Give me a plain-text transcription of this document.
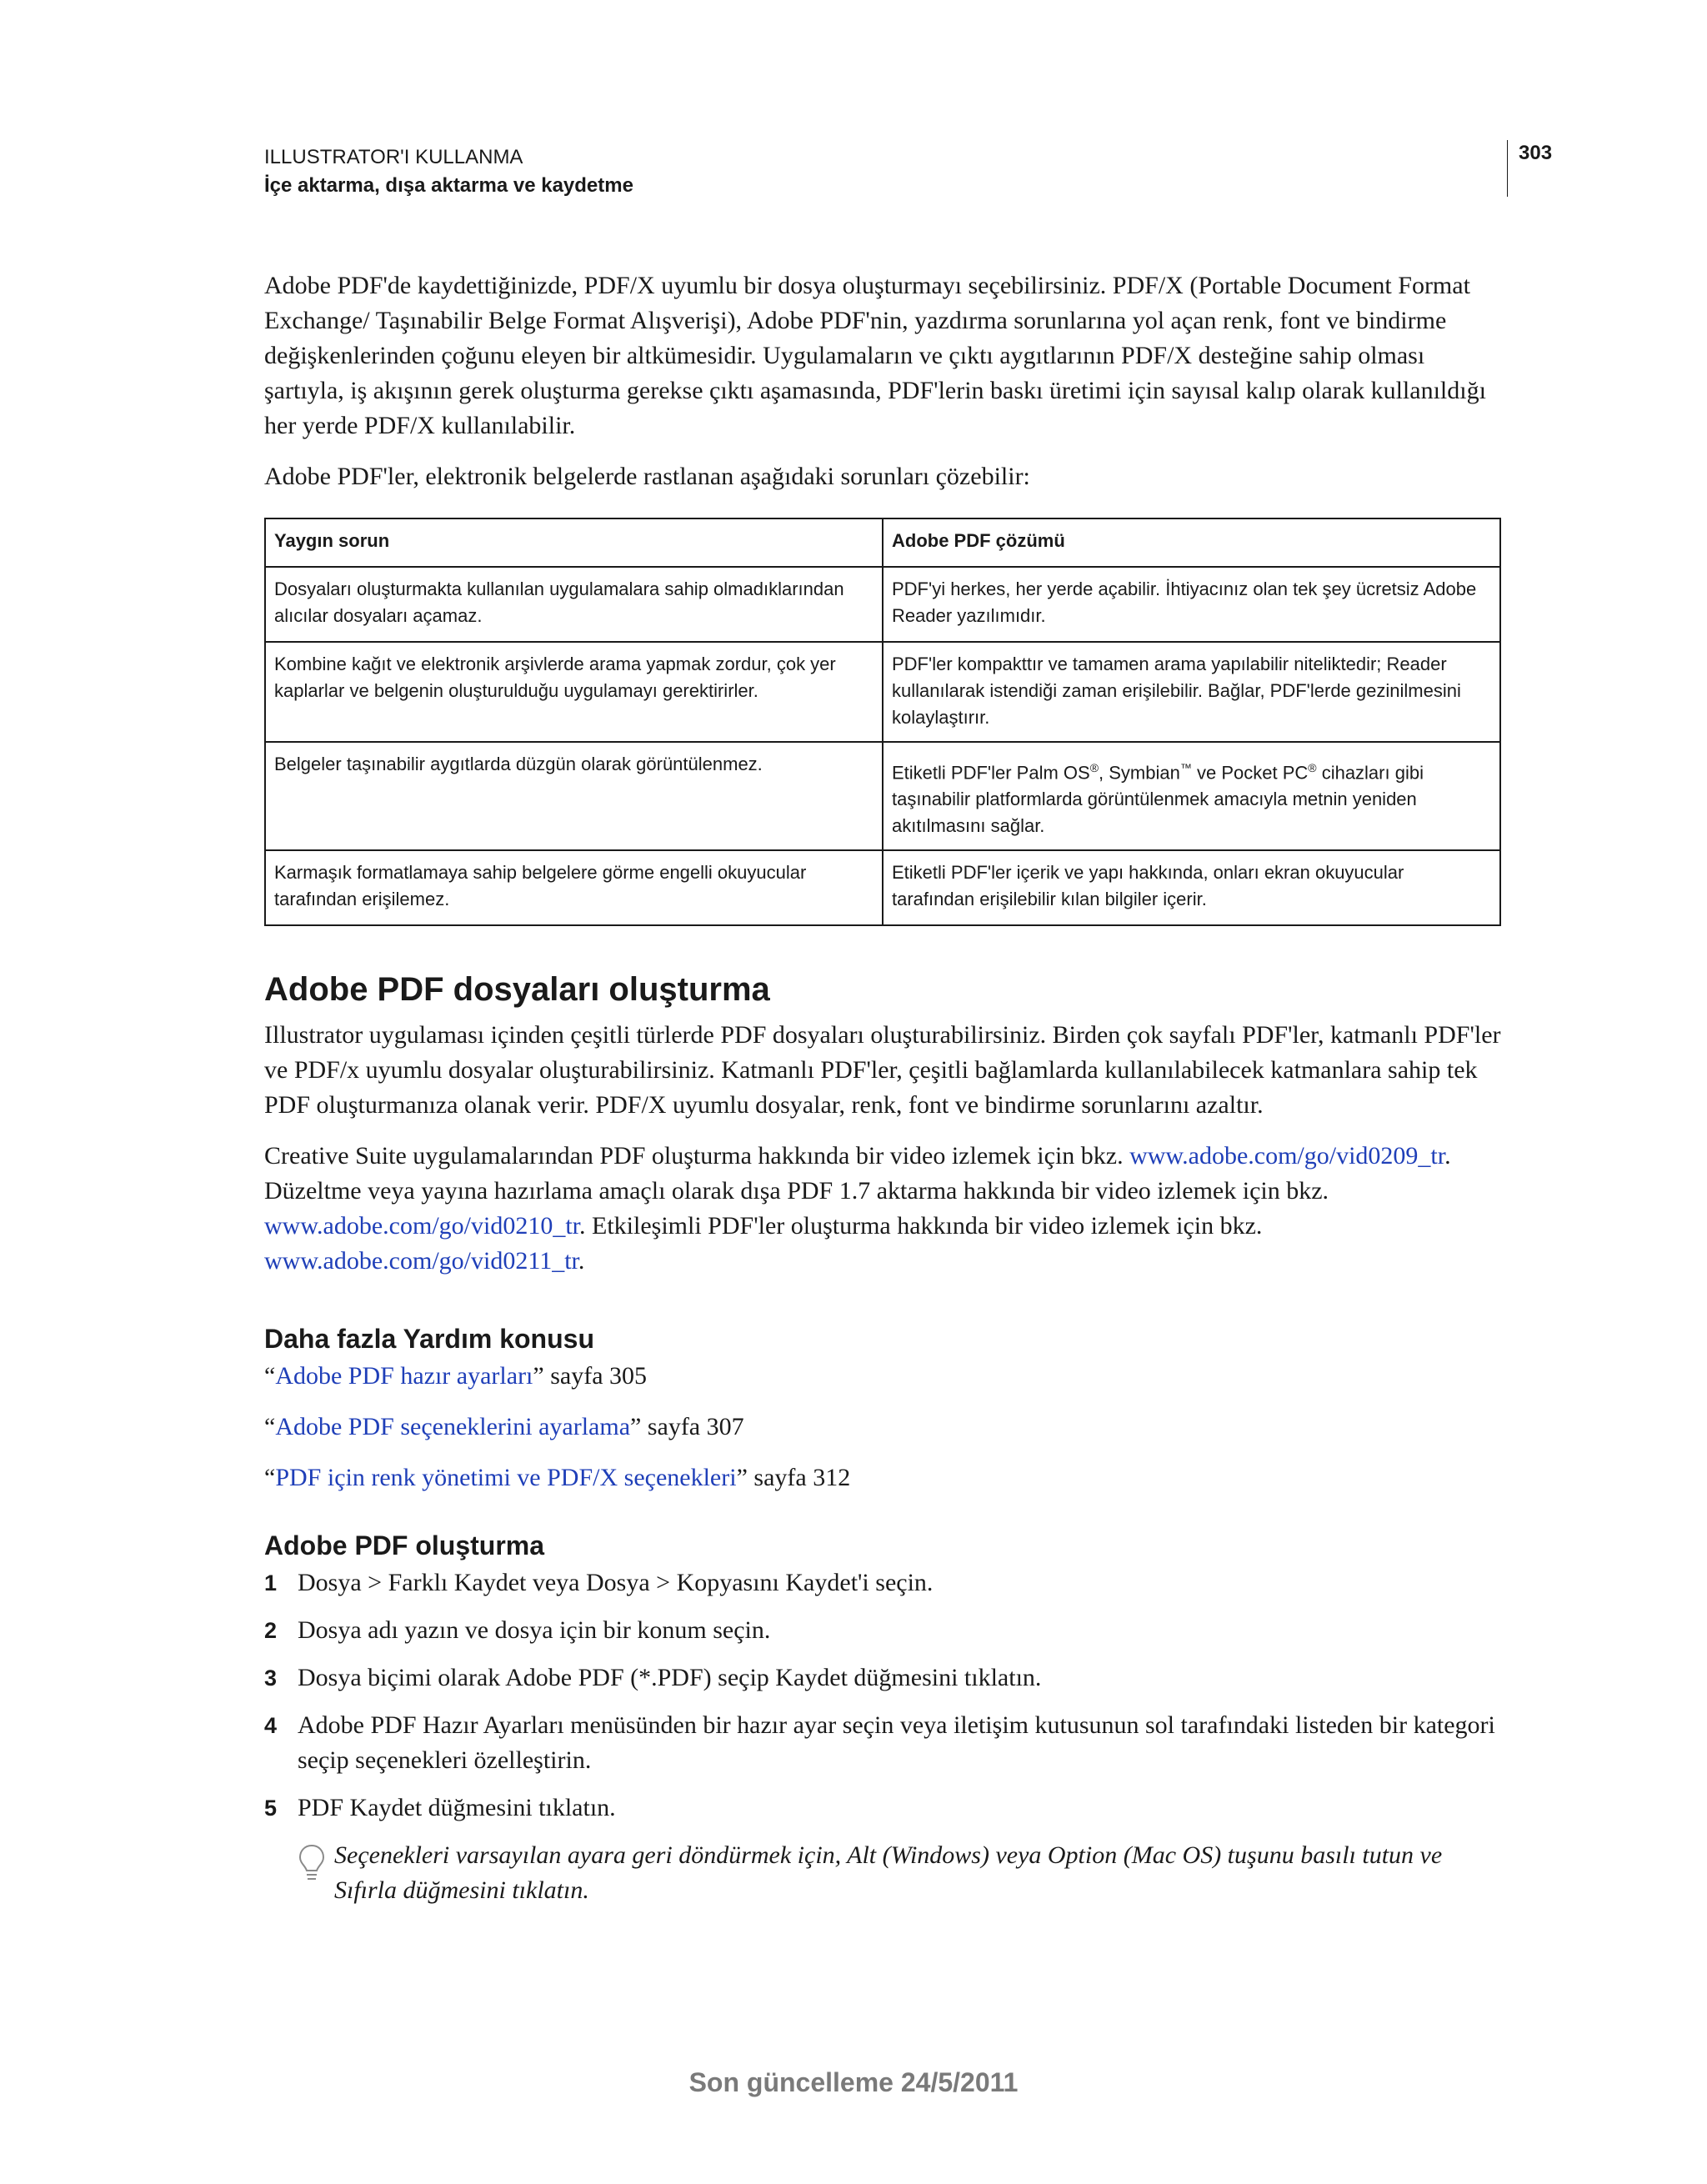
ILLUSTRATOR'I KULLANMA
İçe aktarma, dışa aktarma ve kaydetme
303

Adobe PDF'de kaydettiğinizde, PDF/X uyumlu bir dosya oluşturmayı seçebilirsiniz. PDF/X (Portable Document Format Exchange/ Taşınabilir Belge Format Alışverişi), Adobe PDF'nin, yazdırma sorunlarına yol açan renk, font ve bindirme değişkenlerinden çoğunu eleyen bir altkümesidir. Uygulamaların ve çıktı aygıtlarının PDF/X desteğine sahip olması şartıyla, iş akışının gerek oluşturma gerekse çıktı aşamasında, PDF'lerin baskı üretimi için sayısal kalıp olarak kullanıldığı her yerde PDF/X kullanılabilir.

Adobe PDF'ler, elektronik belgelerde rastlanan aşağıdaki sorunları çözebilir:

Yaygın sorun	Adobe PDF çözümü
Dosyaları oluşturmakta kullanılan uygulamalara sahip olmadıklarından alıcılar dosyaları açamaz.	PDF'yi herkes, her yerde açabilir. İhtiyacınız olan tek şey ücretsiz Adobe Reader yazılımıdır.
Kombine kağıt ve elektronik arşivlerde arama yapmak zordur, çok yer kaplarlar ve belgenin oluşturulduğu uygulamayı gerektirirler.	PDF'ler kompakttır ve tamamen arama yapılabilir niteliktedir; Reader kullanılarak istendiği zaman erişilebilir. Bağlar, PDF'lerde gezinilmesini kolaylaştırır.
Belgeler taşınabilir aygıtlarda düzgün olarak görüntülenmez.	Etiketli PDF'ler Palm OS®, Symbian™ ve Pocket PC® cihazları gibi taşınabilir platformlarda görüntülenmek amacıyla metnin yeniden akıtılmasını sağlar.
Karmaşık formatlamaya sahip belgelere görme engelli okuyucular tarafından erişilemez.	Etiketli PDF'ler içerik ve yapı hakkında, onları ekran okuyucular tarafından erişilebilir kılan bilgiler içerir.
Adobe PDF dosyaları oluşturma

Illustrator uygulaması içinden çeşitli türlerde PDF dosyaları oluşturabilirsiniz. Birden çok sayfalı PDF'ler, katmanlı PDF'ler ve PDF/x uyumlu dosyalar oluşturabilirsiniz. Katmanlı PDF'ler, çeşitli bağlamlarda kullanılabilecek katmanlara sahip tek PDF oluşturmanıza olanak verir. PDF/X uyumlu dosyalar, renk, font ve bindirme sorunlarını azaltır.

Creative Suite uygulamalarından PDF oluşturma hakkında bir video izlemek için bkz. www.adobe.com/go/vid0209_tr. Düzeltme veya yayına hazırlama amaçlı olarak dışa PDF 1.7 aktarma hakkında bir video izlemek için bkz. www.adobe.com/go/vid0210_tr. Etkileşimli PDF'ler oluşturma hakkında bir video izlemek için bkz. www.adobe.com/go/vid0211_tr.

Daha fazla Yardım konusu

“Adobe PDF hazır ayarları” sayfa 305

“Adobe PDF seçeneklerini ayarlama” sayfa 307

“PDF için renk yönetimi ve PDF/X seçenekleri” sayfa 312

Adobe PDF oluşturma
1 Dosya > Farklı Kaydet veya Dosya > Kopyasını Kaydet'i seçin.
2 Dosya adı yazın ve dosya için bir konum seçin.
3 Dosya biçimi olarak Adobe PDF (*.PDF) seçip Kaydet düğmesini tıklatın.
4 Adobe PDF Hazır Ayarları menüsünden bir hazır ayar seçin veya iletişim kutusunun sol tarafındaki listeden bir kategori seçip seçenekleri özelleştirin.
5 PDF Kaydet düğmesini tıklatın.
Seçenekleri varsayılan ayara geri döndürmek için, Alt (Windows) veya Option (Mac OS) tuşunu basılı tutun ve Sıfırla düğmesini tıklatın.
Son güncelleme 24/5/2011
